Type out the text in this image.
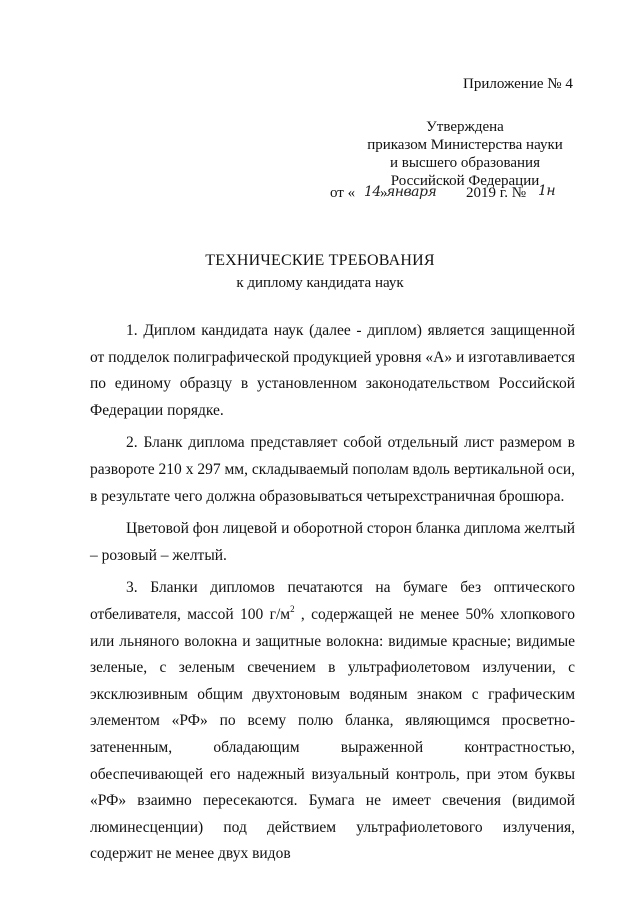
Приложение № 4
Утверждена
приказом Министерства науки
и высшего образования
Российской Федерации
от « 14 »
января 2019 г. № 1н
ТЕХНИЧЕСКИЕ ТРЕБОВАНИЯ
к диплому кандидата наук

1. Диплом кандидата наук (далее - диплом) является защищенной от подделок полиграфической продукцией уровня «А» и изготавливается по единому образцу в установленном законодательством Российской Федерации порядке.

2. Бланк диплома представляет собой отдельный лист размером в развороте 210 х 297 мм, складываемый пополам вдоль вертикальной оси, в результате чего должна образовываться четырехстраничная брошюра.

Цветовой фон лицевой и оборотной сторон бланка диплома желтый – розовый – желтый.

3. Бланки дипломов печатаются на бумаге без оптического отбеливателя, массой 100 $г/м^2$ , содержащей не менее 50% хлопкового или льняного волокна и защитные волокна: видимые красные; видимые зеленые, с зеленым свечением в ультрафиолетовом излучении, с эксклюзивным общим двухтоновым водяным знаком с графическим элементом «РФ» по всему полю бланка, являющимся просветно-затененным, обладающим выраженной контрастностью, обеспечивающей его надежный визуальный контроль, при этом буквы «РФ» взаимно пересекаются. Бумага не имеет свечения (видимой люминесценции) под действием ультрафиолетового излучения, содержит не менее двух видов
